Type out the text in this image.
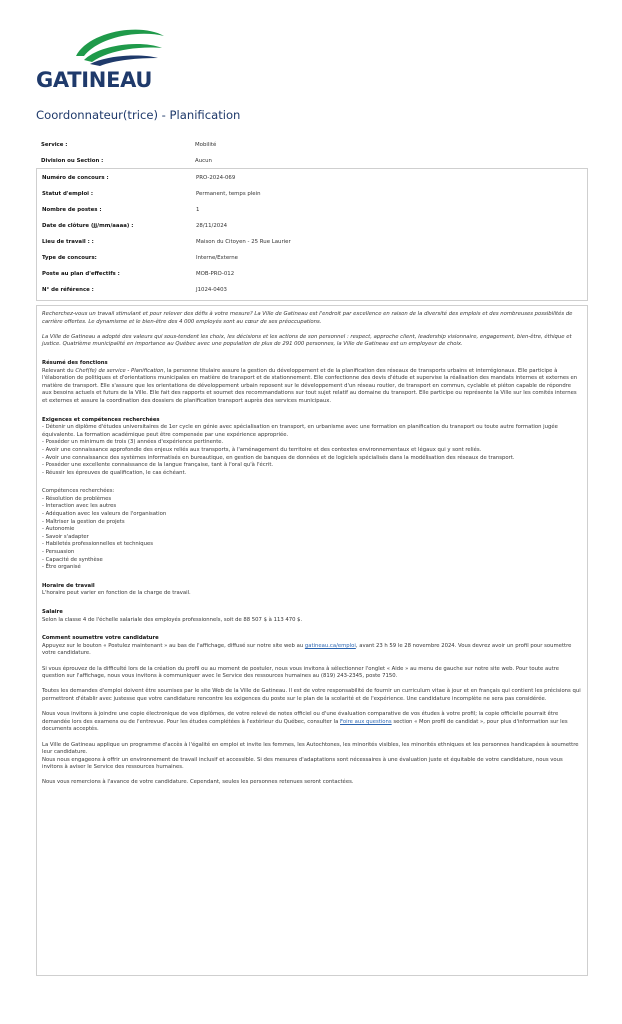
GATINEAU
Coordonnateur(trice) - Planification
Service :	Mobilité
Division ou Section :	Aucun
Numéro de concours :	PRO-2024-069
Statut d'emploi :	Permanent, temps plein
Nombre de postes :	1
Date de clôture (jj/mm/aaaa) :	28/11/2024
Lieu de travail : :	Maison du Citoyen - 25 Rue Laurier
Type de concours:	Interne/Externe
Poste au plan d'effectifs :	MOB-PRO-012
N° de référence :	J1024-0403

Recherchez-vous un travail stimulant et pour relever des défis à votre mesure? La Ville de Gatineau est l'endroit par excellence en raison de la diversité des emplois et des nombreuses possibilités de carrière offertes. Le dynamisme et le bien-être des 4 000 employés sont au cœur de ses préoccupations.

La Ville de Gatineau a adopté des valeurs qui sous-tendent les choix, les décisions et les actions de son personnel : respect, approche client, leadership visionnaire, engagement, bien-être, éthique et justice. Quatrième municipalité en importance au Québec avec une population de plus de 291 000 personnes, la Ville de Gatineau est un employeur de choix.

Résumé des fonctions

Relevant du Chef(fe) de service - Planification, la personne titulaire assure la gestion du développement et de la planification des réseaux de transports urbains et interrégionaux. Elle participe à l'élaboration de politiques et d'orientations municipales en matière de transport et de stationnement. Elle confectionne des devis d'étude et supervise la réalisation des mandats internes et externes en matière de transport. Elle s'assure que les orientations de développement urbain reposent sur le développement d'un réseau routier, de transport en commun, cyclable et piéton capable de répondre aux besoins actuels et futurs de la Ville. Elle fait des rapports et soumet des recommandations sur tout sujet relatif au domaine du transport. Elle participe ou représente la Ville sur les comités internes et externes et assure la coordination des dossiers de planification transport auprès des services municipaux.

Exigences et compétences recherchées

- Détenir un diplôme d'études universitaires de 1er cycle en génie avec spécialisation en transport, en urbanisme avec une formation en planification du transport ou toute autre formation jugée équivalente. La formation académique peut être compensée par une expérience appropriée.

- Posséder un minimum de trois (3) années d'expérience pertinente.

- Avoir une connaissance approfondie des enjeux reliés aux transports, à l'aménagement du territoire et des contextes environnementaux et légaux qui y sont reliés.

- Avoir une connaissance des systèmes informatisés en bureautique, en gestion de banques de données et de logiciels spécialisés dans la modélisation des réseaux de transport.

- Posséder une excellente connaissance de la langue française, tant à l'oral qu'à l'écrit.

- Réussir les épreuves de qualification, le cas échéant.

Compétences recherchées:

- Résolution de problèmes

- Interaction avec les autres

- Adéquation avec les valeurs de l'organisation

- Maîtriser la gestion de projets

- Autonomie

- Savoir s'adapter

- Habiletés professionnelles et techniques

- Persuasion

- Capacité de synthèse

- Être organisé

Horaire de travail

L'horaire peut varier en fonction de la charge de travail.

Salaire

Selon la classe 4 de l'échelle salariale des employés professionnels, soit de 88 507 $ à 113 470 $.

Comment soumettre votre candidature

Appuyez sur le bouton « Postulez maintenant » au bas de l'affichage, diffusé sur notre site web au gatineau.ca/emploi, avant 23 h 59 le 28 novembre 2024. Vous devrez avoir un profil pour soumettre votre candidature.

Si vous éprouvez de la difficulté lors de la création du profil ou au moment de postuler, nous vous invitons à sélectionner l'onglet « Aide » au menu de gauche sur notre site web. Pour toute autre question sur l'affichage, nous vous invitons à communiquer avec le Service des ressources humaines au (819) 243-2345, poste 7150.

Toutes les demandes d'emploi doivent être soumises par le site Web de la Ville de Gatineau. Il est de votre responsabilité de fournir un curriculum vitae à jour et en français qui contient les précisions qui permettront d'établir avec justesse que votre candidature rencontre les exigences du poste sur le plan de la scolarité et de l'expérience. Une candidature incomplète ne sera pas considérée.

Nous vous invitons à joindre une copie électronique de vos diplômes, de votre relevé de notes officiel ou d'une évaluation comparative de vos études à votre profil; la copie officielle pourrait être demandée lors des examens ou de l'entrevue. Pour les études complétées à l'extérieur du Québec, consulter la Foire aux questions section « Mon profil de candidat », pour plus d'information sur les documents acceptés.

La Ville de Gatineau applique un programme d'accès à l'égalité en emploi et invite les femmes, les Autochtones, les minorités visibles, les minorités ethniques et les personnes handicapées à soumettre leur candidature.

Nous nous engageons à offrir un environnement de travail inclusif et accessible. Si des mesures d'adaptations sont nécessaires à une évaluation juste et équitable de votre candidature, nous vous invitons à aviser le Service des ressources humaines.

Nous vous remercions à l'avance de votre candidature. Cependant, seules les personnes retenues seront contactées.
